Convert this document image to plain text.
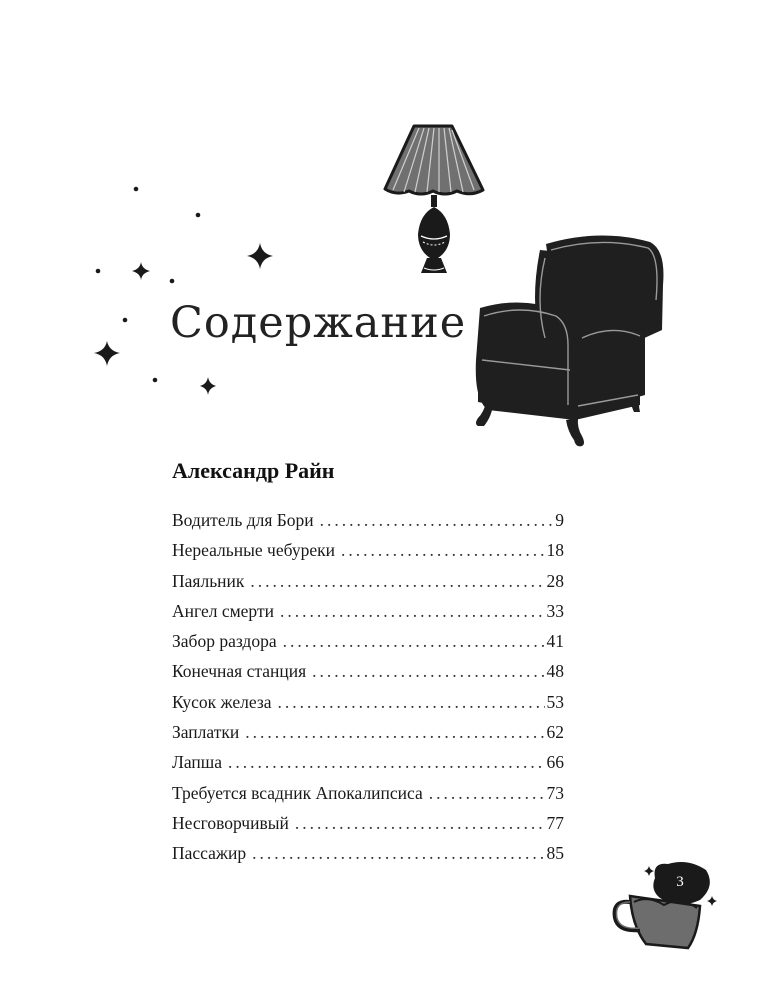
3
Содержание
Александр Райн
Водитель для Бори .....	9
Нереальные чебуреки .....	18
Паяльник .....	28
Ангел смерти .....	33
Забор раздора .....	41
Конечная станция .....	48
Кусок железа .....	53
Заплатки .....	62
Лапша .....	66
Требуется всадник Апокалипсиса .....	73
Несговорчивый .....	77
Пассажир .....	85
